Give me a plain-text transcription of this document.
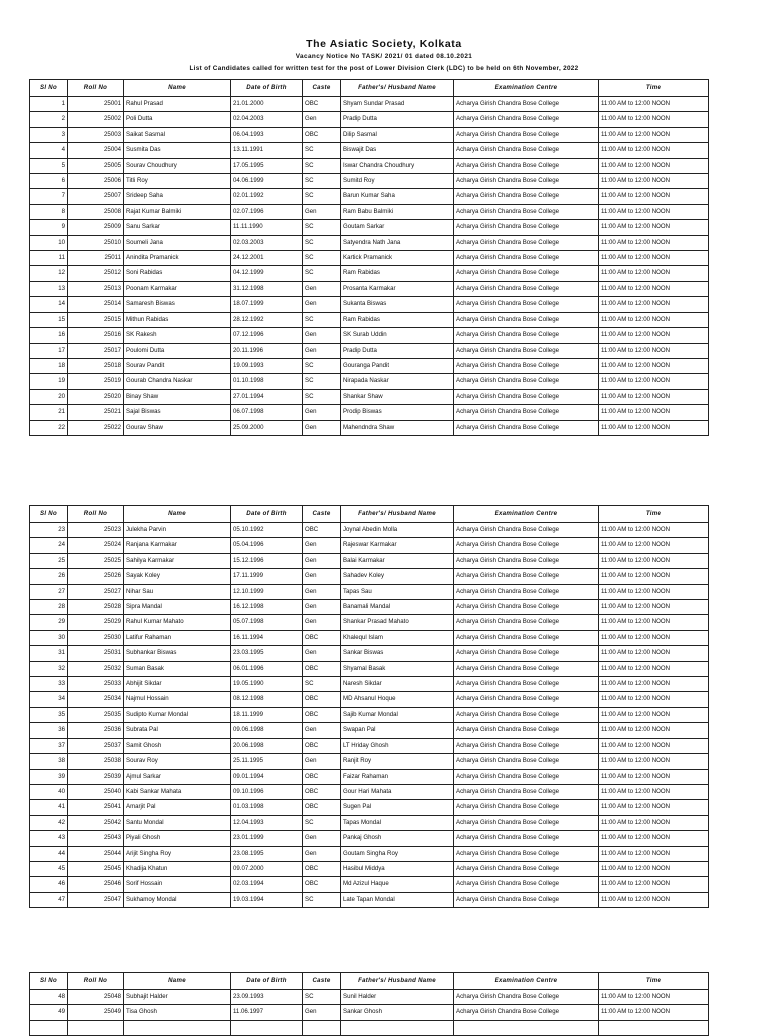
The Asiatic Society, Kolkata
Vacancy Notice No TASK/ 2021/ 01 dated 08.10.2021
List of Candidates called for written test for the post of Lower Division Clerk (LDC) to be held on 6th November, 2022
Sl No	Roll No	Name	Date of Birth	Caste	Father's/ Husband Name	Examination Centre	Time
1	25001	Rahul Prasad	21.01.2000	OBC	Shyam Sundar Prasad	Acharya Girish Chandra Bose College	11:00 AM to 12:00 NOON
2	25002	Poli Dutta	02.04.2003	Gen	Pradip Dutta	Acharya Girish Chandra Bose College	11:00 AM to 12:00 NOON
3	25003	Saikat Sasmal	06.04.1993	OBC	Dilip Sasmal	Acharya Girish Chandra Bose College	11:00 AM to 12:00 NOON
4	25004	Susmita Das	13.11.1991	SC	Biswajit Das	Acharya Girish Chandra Bose College	11:00 AM to 12:00 NOON
5	25005	Sourav Choudhury	17.05.1995	SC	Iswar Chandra Choudhury	Acharya Girish Chandra Bose College	11:00 AM to 12:00 NOON
6	25006	Titli Roy	04.06.1999	SC	Sumitd Roy	Acharya Girish Chandra Bose College	11:00 AM to 12:00 NOON
7	25007	Srideep Saha	02.01.1992	SC	Barun Kumar Saha	Acharya Girish Chandra Bose College	11:00 AM to 12:00 NOON
8	25008	Rajat Kumar Balmiki	02.07.1996	Gen	Ram Babu Balmiki	Acharya Girish Chandra Bose College	11:00 AM to 12:00 NOON
9	25009	Sanu Sarkar	11.11.1990	SC	Goutam Sarkar	Acharya Girish Chandra Bose College	11:00 AM to 12:00 NOON
10	25010	Soumeli Jana	02.03.2003	SC	Satyendra Nath Jana	Acharya Girish Chandra Bose College	11:00 AM to 12:00 NOON
11	25011	Anindita Pramanick	24.12.2001	SC	Kartick Pramanick	Acharya Girish Chandra Bose College	11:00 AM to 12:00 NOON
12	25012	Soni Rabidas	04.12.1999	SC	Ram Rabidas	Acharya Girish Chandra Bose College	11:00 AM to 12:00 NOON
13	25013	Poonam Karmakar	31.12.1998	Gen	Prosanta Karmakar	Acharya Girish Chandra Bose College	11:00 AM to 12:00 NOON
14	25014	Samaresh Biswas	18.07.1999	Gen	Sukanta Biswas	Acharya Girish Chandra Bose College	11:00 AM to 12:00 NOON
15	25015	Mithun Rabidas	28.12.1992	SC	Ram Rabidas	Acharya Girish Chandra Bose College	11:00 AM to 12:00 NOON
16	25016	SK Rakesh	07.12.1996	Gen	SK Surab Uddin	Acharya Girish Chandra Bose College	11:00 AM to 12:00 NOON
17	25017	Poulomi Dutta	20.11.1996	Gen	Pradip Dutta	Acharya Girish Chandra Bose College	11:00 AM to 12:00 NOON
18	25018	Sourav Pandit	19.09.1993	SC	Gouranga Pandit	Acharya Girish Chandra Bose College	11:00 AM to 12:00 NOON
19	25019	Gourab Chandra Naskar	01.10.1998	SC	Nirapada Naskar	Acharya Girish Chandra Bose College	11:00 AM to 12:00 NOON
20	25020	Binay Shaw	27.01.1994	SC	Shankar Shaw	Acharya Girish Chandra Bose College	11:00 AM to 12:00 NOON
21	25021	Sajal Biswas	06.07.1998	Gen	Prodip Biswas	Acharya Girish Chandra Bose College	11:00 AM to 12:00 NOON
22	25022	Gourav Shaw	25.09.2000	Gen	Mahendndra Shaw	Acharya Girish Chandra Bose College	11:00 AM to 12:00 NOON
Sl No	Roll No	Name	Date of Birth	Caste	Father's/ Husband Name	Examination Centre	Time
23	25023	Julekha Parvin	05.10.1992	OBC	Joynal Abedin Molla	Acharya Girish Chandra Bose College	11:00 AM to 12:00 NOON
24	25024	Ranjana Karmakar	05.04.1996	Gen	Rajeswar Karmakar	Acharya Girish Chandra Bose College	11:00 AM to 12:00 NOON
25	25025	Sahilya Karmakar	15.12.1996	Gen	Balai Karmakar	Acharya Girish Chandra Bose College	11:00 AM to 12:00 NOON
26	25026	Sayak Koley	17.11.1999	Gen	Sahadev Koley	Acharya Girish Chandra Bose College	11:00 AM to 12:00 NOON
27	25027	Nihar Sau	12.10.1999	Gen	Tapas Sau	Acharya Girish Chandra Bose College	11:00 AM to 12:00 NOON
28	25028	Sipra Mandal	16.12.1998	Gen	Banamali Mandal	Acharya Girish Chandra Bose College	11:00 AM to 12:00 NOON
29	25029	Rahul Kumar Mahato	05.07.1998	Gen	Shankar Prasad Mahato	Acharya Girish Chandra Bose College	11:00 AM to 12:00 NOON
30	25030	Latifur Rahaman	16.11.1994	OBC	Khalequl Islam	Acharya Girish Chandra Bose College	11:00 AM to 12:00 NOON
31	25031	Subhankar Biswas	23.03.1995	Gen	Sankar Biswas	Acharya Girish Chandra Bose College	11:00 AM to 12:00 NOON
32	25032	Suman Basak	06.01.1996	OBC	Shyamal Basak	Acharya Girish Chandra Bose College	11:00 AM to 12:00 NOON
33	25033	Abhijit Sikdar	19.05.1990	SC	Naresh Sikdar	Acharya Girish Chandra Bose College	11:00 AM to 12:00 NOON
34	25034	Najmul Hossain	08.12.1998	OBC	MD Ahsanul Hoque	Acharya Girish Chandra Bose College	11:00 AM to 12:00 NOON
35	25035	Sudipto Kumar Mondal	18.11.1999	OBC	Sajib Kumar Mondal	Acharya Girish Chandra Bose College	11:00 AM to 12:00 NOON
36	25036	Subrata Pal	09.06.1998	Gen	Swapan Pal	Acharya Girish Chandra Bose College	11:00 AM to 12:00 NOON
37	25037	Samit Ghosh	20.06.1998	OBC	LT Hriday Ghosh	Acharya Girish Chandra Bose College	11:00 AM to 12:00 NOON
38	25038	Sourav Roy	25.11.1995	Gen	Ranjit Roy	Acharya Girish Chandra Bose College	11:00 AM to 12:00 NOON
39	25039	Ajmul Sarkar	09.01.1994	OBC	Faizar Rahaman	Acharya Girish Chandra Bose College	11:00 AM to 12:00 NOON
40	25040	Kabi Sankar Mahata	09.10.1996	OBC	Gour Hari Mahata	Acharya Girish Chandra Bose College	11:00 AM to 12:00 NOON
41	25041	Amarjit Pal	01.03.1998	OBC	Sugen Pal	Acharya Girish Chandra Bose College	11:00 AM to 12:00 NOON
42	25042	Santu Mondal	12.04.1993	SC	Tapas Mondal	Acharya Girish Chandra Bose College	11:00 AM to 12:00 NOON
43	25043	Piyali Ghosh	23.01.1999	Gen	Pankaj Ghosh	Acharya Girish Chandra Bose College	11:00 AM to 12:00 NOON
44	25044	Arijit Singha Roy	23.08.1995	Gen	Goutam Singha Roy	Acharya Girish Chandra Bose College	11:00 AM to 12:00 NOON
45	25045	Khadija Khatun	09.07.2000	OBC	Hasibul Middya	Acharya Girish Chandra Bose College	11:00 AM to 12:00 NOON
46	25046	Sorif Hossain	02.03.1994	OBC	Md Azizul Haque	Acharya Girish Chandra Bose College	11:00 AM to 12:00 NOON
47	25047	Sukhamoy Mondal	19.03.1994	SC	Late Tapan Mondal	Acharya Girish Chandra Bose College	11:00 AM to 12:00 NOON
Sl No	Roll No	Name	Date of Birth	Caste	Father's/ Husband Name	Examination Centre	Time
48	25048	Subhajit Halder	23.09.1993	SC	Sunil Halder	Acharya Girish Chandra Bose College	11:00 AM to 12:00 NOON
49	25049	Tisa Ghosh	11.06.1997	Gen	Sankar Ghosh	Acharya Girish Chandra Bose College	11:00 AM to 12:00 NOON
